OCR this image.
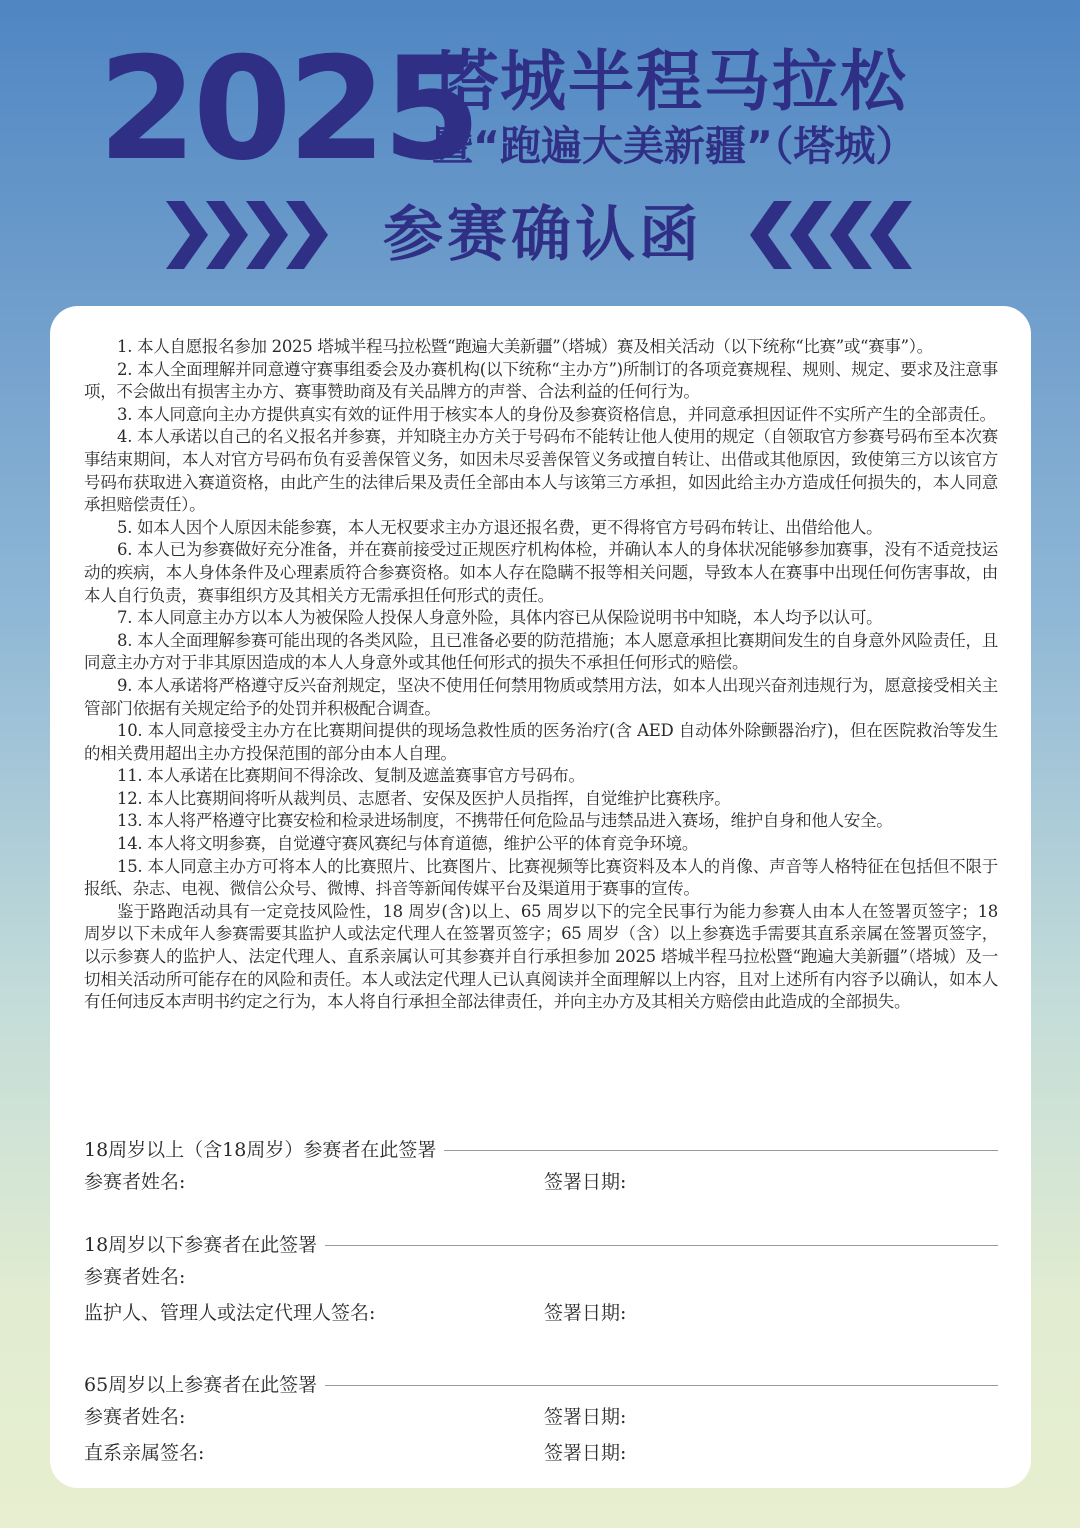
2025
塔城半程马拉松
暨“跑遍大美新疆”（塔城）
参赛确认函

1. 本人自愿报名参加 2025 塔城半程马拉松暨“跑遍大美新疆”（塔城）赛及相关活动（以下统称“比赛”或“赛事”）。

2. 本人全面理解并同意遵守赛事组委会及办赛机构(以下统称“主办方”)所制订的各项竞赛规程、规则、规定、要求及注意事项，不会做出有损害主办方、赛事赞助商及有关品牌方的声誉、合法利益的任何行为。

3. 本人同意向主办方提供真实有效的证件用于核实本人的身份及参赛资格信息，并同意承担因证件不实所产生的全部责任。

4. 本人承诺以自己的名义报名并参赛，并知晓主办方关于号码布不能转让他人使用的规定（自领取官方参赛号码布至本次赛事结束期间，本人对官方号码布负有妥善保管义务，如因未尽妥善保管义务或擅自转让、出借或其他原因，致使第三方以该官方号码布获取进入赛道资格，由此产生的法律后果及责任全部由本人与该第三方承担，如因此给主办方造成任何损失的，本人同意承担赔偿责任）。

5. 如本人因个人原因未能参赛，本人无权要求主办方退还报名费，更不得将官方号码布转让、出借给他人。

6. 本人已为参赛做好充分准备，并在赛前接受过正规医疗机构体检，并确认本人的身体状况能够参加赛事，没有不适竞技运动的疾病，本人身体条件及心理素质符合参赛资格。如本人存在隐瞒不报等相关问题，导致本人在赛事中出现任何伤害事故，由本人自行负责，赛事组织方及其相关方无需承担任何形式的责任。

7. 本人同意主办方以本人为被保险人投保人身意外险，具体内容已从保险说明书中知晓，本人均予以认可。

8. 本人全面理解参赛可能出现的各类风险，且已准备必要的防范措施；本人愿意承担比赛期间发生的自身意外风险责任，且同意主办方对于非其原因造成的本人人身意外或其他任何形式的损失不承担任何形式的赔偿。

9. 本人承诺将严格遵守反兴奋剂规定，坚决不使用任何禁用物质或禁用方法，如本人出现兴奋剂违规行为，愿意接受相关主管部门依据有关规定给予的处罚并积极配合调查。

10. 本人同意接受主办方在比赛期间提供的现场急救性质的医务治疗(含 AED 自动体外除颤器治疗)，但在医院救治等发生的相关费用超出主办方投保范围的部分由本人自理。

11. 本人承诺在比赛期间不得涂改、复制及遮盖赛事官方号码布。

12. 本人比赛期间将听从裁判员、志愿者、安保及医护人员指挥，自觉维护比赛秩序。

13. 本人将严格遵守比赛安检和检录进场制度，不携带任何危险品与违禁品进入赛场，维护自身和他人安全。

14. 本人将文明参赛，自觉遵守赛风赛纪与体育道德，维护公平的体育竞争环境。

15. 本人同意主办方可将本人的比赛照片、比赛图片、比赛视频等比赛资料及本人的肖像、声音等人格特征在包括但不限于报纸、杂志、电视、微信公众号、微博、抖音等新闻传媒平台及渠道用于赛事的宣传。

鉴于路跑活动具有一定竞技风险性，18 周岁(含)以上、65 周岁以下的完全民事行为能力参赛人由本人在签署页签字；18 周岁以下未成年人参赛需要其监护人或法定代理人在签署页签字；65 周岁（含）以上参赛选手需要其直系亲属在签署页签字，以示参赛人的监护人、法定代理人、直系亲属认可其参赛并自行承担参加 2025 塔城半程马拉松暨“跑遍大美新疆”（塔城）及一切相关活动所可能存在的风险和责任。本人或法定代理人已认真阅读并全面理解以上内容，且对上述所有内容予以确认，如本人有任何违反本声明书约定之行为，本人将自行承担全部法律责任，并向主办方及其相关方赔偿由此造成的全部损失。

18周岁以上（含18周岁）参赛者在此签署
参赛者姓名:	签署日期:
18周岁以下参赛者在此签署
参赛者姓名:
监护人、管理人或法定代理人签名:	签署日期:
65周岁以上参赛者在此签署
参赛者姓名:	签署日期:
直系亲属签名:	签署日期:
